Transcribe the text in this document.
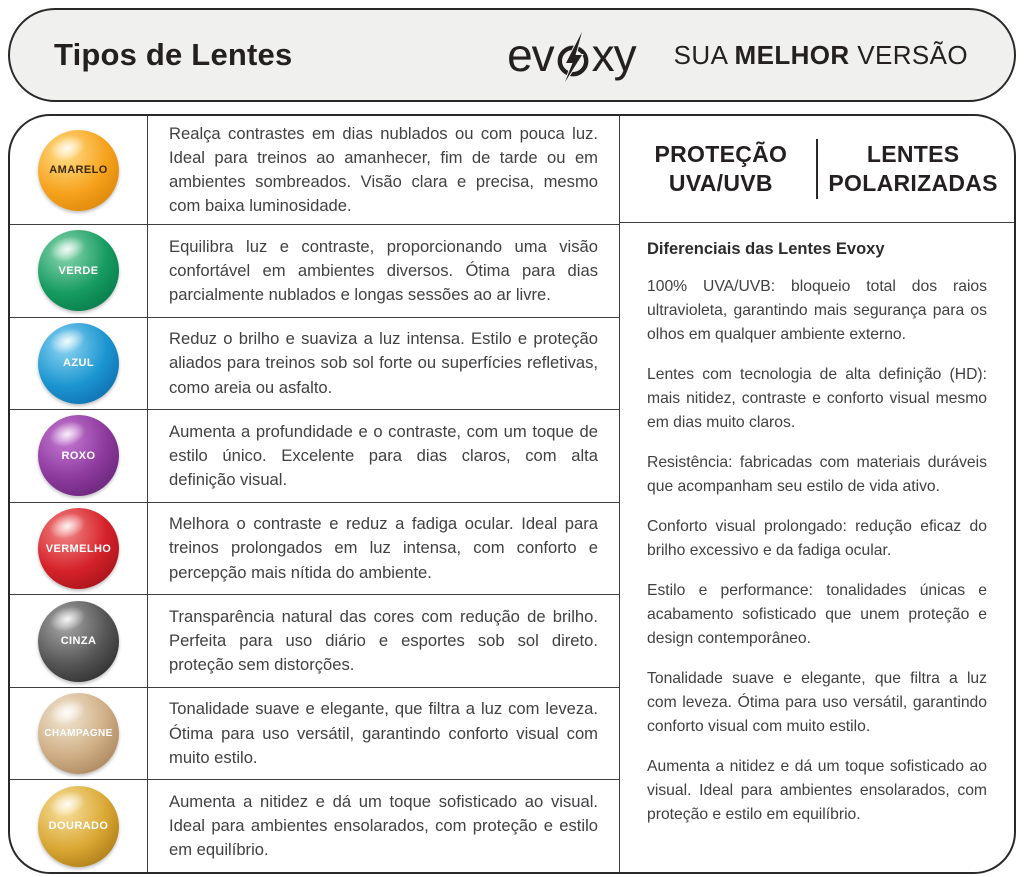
Tipos de Lentes	ev xy SUA MELHOR VERSÃO
AMARELO

Realça contrastes em dias nublados ou com pouca luz. Ideal para treinos ao amanhecer, fim de tarde ou em ambientes sombreados. Visão clara e precisa, mesmo com baixa luminosidade.

VERDE

Equilibra luz e contraste, proporcionando uma visão confortável em ambientes diversos. Ótima para dias parcialmente nublados e longas sessões ao ar livre.

AZUL

Reduz o brilho e suaviza a luz intensa. Estilo e proteção aliados para treinos sob sol forte ou superfícies refletivas, como areia ou asfalto.

ROXO

Aumenta a profundidade e o contraste, com um toque de estilo único. Excelente para dias claros, com alta definição visual.

VERMELHO

Melhora o contraste e reduz a fadiga ocular. Ideal para treinos prolongados em luz intensa, com conforto e percepção mais nítida do ambiente.

CINZA

Transparência natural das cores com redução de brilho. Perfeita para uso diário e esportes sob sol direto. proteção sem distorções.

CHAMPAGNE

Tonalidade suave e elegante, que filtra a luz com leveza. Ótima para uso versátil, garantindo conforto visual com muito estilo.

DOURADO

Aumenta a nitidez e dá um toque sofisticado ao visual. Ideal para ambientes ensolarados, com proteção e estilo em equilíbrio.

PROTEÇÃO
UVA/UVB
LENTES
POLARIZADAS
Diferenciais das Lentes Evoxy

100% UVA/UVB: bloqueio total dos raios ultravioleta, garantindo mais segurança para os olhos em qualquer ambiente externo.

Lentes com tecnologia de alta definição (HD): mais nitidez, contraste e conforto visual mesmo em dias muito claros.

Resistência: fabricadas com materiais duráveis que acompanham seu estilo de vida ativo.

Conforto visual prolongado: redução eficaz do brilho excessivo e da fadiga ocular.

Estilo e performance: tonalidades únicas e acabamento sofisticado que unem proteção e design contemporâneo.

Tonalidade suave e elegante, que filtra a luz com leveza. Ótima para uso versátil, garantindo conforto visual com muito estilo.

Aumenta a nitidez e dá um toque sofisticado ao visual. Ideal para ambientes ensolarados, com proteção e estilo em equilíbrio.
